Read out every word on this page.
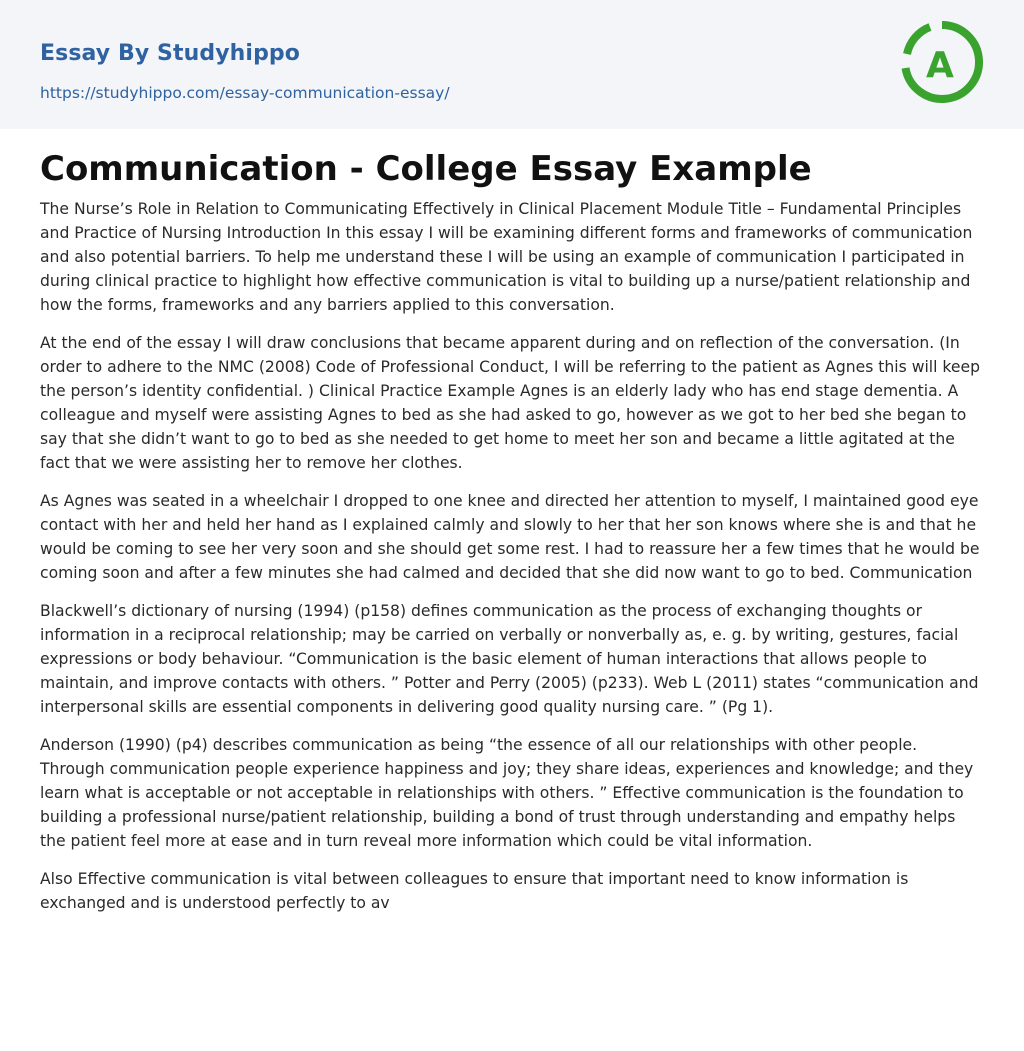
Essay By Studyhippo
https://studyhippo.com/essay-communication-essay/
A
Communication - College Essay Example

The Nurse’s Role in Relation to Communicating Effectively in Clinical Placement Module Title – Fundamental Principles and Practice of Nursing Introduction In this essay I will be examining different forms and frameworks of communication and also potential barriers. To help me understand these I will be using an example of communication I participated in during clinical practice to highlight how effective communication is vital to building up a nurse/patient relationship and how the forms, frameworks and any barriers applied to this conversation.

At the end of the essay I will draw conclusions that became apparent during and on reflection of the conversation. (In order to adhere to the NMC (2008) Code of Professional Conduct, I will be referring to the patient as Agnes this will keep the person’s identity confidential. ) Clinical Practice Example Agnes is an elderly lady who has end stage dementia. A colleague and myself were assisting Agnes to bed as she had asked to go, however as we got to her bed she began to say that she didn’t want to go to bed as she needed to get home to meet her son and became a little agitated at the fact that we were assisting her to remove her clothes.

As Agnes was seated in a wheelchair I dropped to one knee and directed her attention to myself, I maintained good eye contact with her and held her hand as I explained calmly and slowly to her that her son knows where she is and that he would be coming to see her very soon and she should get some rest. I had to reassure her a few times that he would be coming soon and after a few minutes she had calmed and decided that she did now want to go to bed. Communication

Blackwell’s dictionary of nursing (1994) (p158) defines communication as the process of exchanging thoughts or information in a reciprocal relationship; may be carried on verbally or nonverbally as, e. g. by writing, gestures, facial expressions or body behaviour. “Communication is the basic element of human interactions that allows people to maintain, and improve contacts with others. ” Potter and Perry (2005) (p233). Web L (2011) states “communication and interpersonal skills are essential components in delivering good quality nursing care. ” (Pg 1).

Anderson (1990) (p4) describes communication as being “the essence of all our relationships with other people. Through communication people experience happiness and joy; they share ideas, experiences and knowledge; and they learn what is acceptable or not acceptable in relationships with others. ” Effective communication is the foundation to building a professional nurse/patient relationship, building a bond of trust through understanding and empathy helps the patient feel more at ease and in turn reveal more information which could be vital information.

Also Effective communication is vital between colleagues to ensure that important need to know information is exchanged and is understood perfectly to av
